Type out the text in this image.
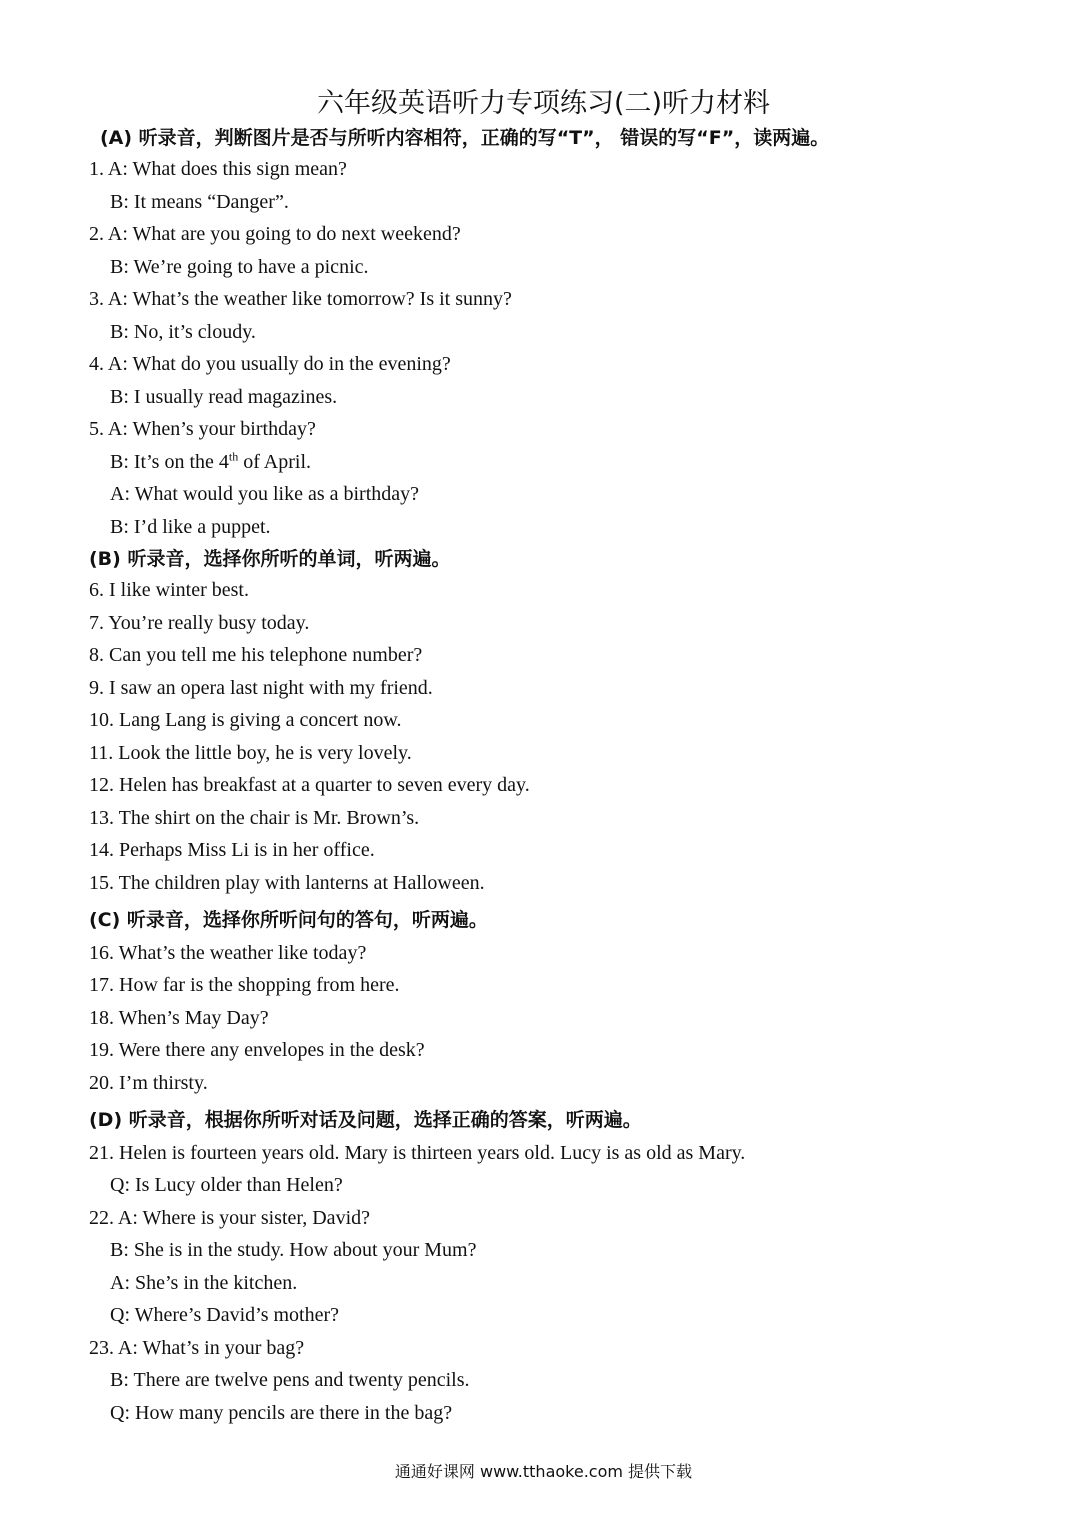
六年级英语听力专项练习(二)听力材料
(A) 听录音，判断图片是否与所听内容相符，正确的写“T”， 错误的写“F”，读两遍。
1. A: What does this sign mean?
B: It means “Danger”.
2. A: What are you going to do next weekend?
B: We’re going to have a picnic.
3. A: What’s the weather like tomorrow? Is it sunny?
B: No, it’s cloudy.
4. A: What do you usually do in the evening?
B: I usually read magazines.
5. A: When’s your birthday?
B: It’s on the 4th of April.
A: What would you like as a birthday?
B: I’d like a puppet.
(B) 听录音，选择你所听的单词，听两遍。
6. I like winter best.
7. You’re really busy today.
8. Can you tell me his telephone number?
9. I saw an opera last night with my friend.
10. Lang Lang is giving a concert now.
11. Look the little boy, he is very lovely.
12. Helen has breakfast at a quarter to seven every day.
13. The shirt on the chair is Mr. Brown’s.
14. Perhaps Miss Li is in her office.
15. The children play with lanterns at Halloween.
(C) 听录音，选择你所听问句的答句，听两遍。
16. What’s the weather like today?
17. How far is the shopping from here.
18. When’s May Day?
19. Were there any envelopes in the desk?
20. I’m thirsty.
(D) 听录音，根据你所听对话及问题，选择正确的答案，听两遍。
21. Helen is fourteen years old. Mary is thirteen years old. Lucy is as old as Mary.
Q: Is Lucy older than Helen?
22. A: Where is your sister, David?
B: She is in the study. How about your Mum?
A: She’s in the kitchen.
Q: Where’s David’s mother?
23. A: What’s in your bag?
B: There are twelve pens and twenty pencils.
Q: How many pencils are there in the bag?
通通好课网 www.tthaoke.com 提供下载
